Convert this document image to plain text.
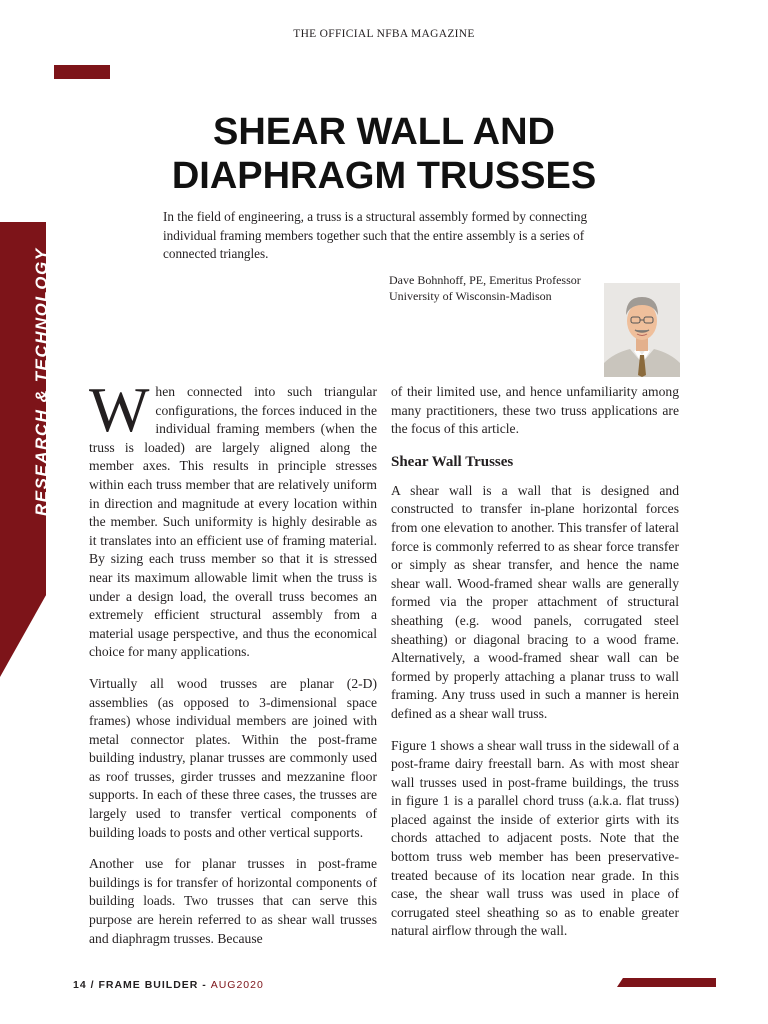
THE OFFICIAL NFBA MAGAZINE
RESEARCH & TECHNOLOGY
SHEAR WALL AND
DIAPHRAGM TRUSSES

In the field of engineering, a truss is a structural assembly formed by connecting individual framing members together such that the entire assembly is a series of connected triangles.

Dave Bohnhoff, PE, Emeritus Professor
University of Wisconsin-Madison

When connected into such triangular configurations, the forces induced in the individual framing members (when the truss is loaded) are largely aligned along the member axes. This results in principle stresses within each truss member that are relatively uniform in direction and magnitude at every location within the member. Such uniformity is highly desirable as it translates into an efficient use of framing material. By sizing each truss member so that it is stressed near its maximum allowable limit when the truss is under a design load, the overall truss becomes an extremely efficient structural assembly from a material usage perspective, and thus the economical choice for many applications.

Virtually all wood trusses are planar (2-D) assemblies (as opposed to 3-dimensional space frames) whose individual members are joined with metal connector plates. Within the post-frame building industry, planar trusses are commonly used as roof trusses, girder trusses and mezzanine floor supports. In each of these three cases, the trusses are largely used to transfer vertical components of building loads to posts and other vertical supports.

Another use for planar trusses in post-frame buildings is for transfer of horizontal components of building loads. Two trusses that can serve this purpose are herein referred to as shear wall trusses and diaphragm trusses. Because

of their limited use, and hence unfamiliarity among many practitioners, these two truss applications are the focus of this article.

Shear Wall Trusses

A shear wall is a wall that is designed and constructed to transfer in-plane horizontal forces from one elevation to another. This transfer of lateral force is commonly referred to as shear force transfer or simply as shear transfer, and hence the name shear wall. Wood-framed shear walls are generally formed via the proper attachment of structural sheathing (e.g. wood panels, corrugated steel sheathing) or diagonal bracing to a wood frame. Alternatively, a wood-framed shear wall can be formed by properly attaching a planar truss to wall framing. Any truss used in such a manner is herein defined as a shear wall truss.

Figure 1 shows a shear wall truss in the sidewall of a post-frame dairy freestall barn. As with most shear wall trusses used in post-frame buildings, the truss in figure 1 is a parallel chord truss (a.k.a. flat truss) placed against the inside of exterior girts with its chords attached to adjacent posts. Note that the bottom truss web member has been preservative-treated because of its location near grade. In this case, the shear wall truss was used in place of corrugated steel sheathing so as to enable greater natural airflow through the wall.

14 / FRAME BUILDER - AUG2020
